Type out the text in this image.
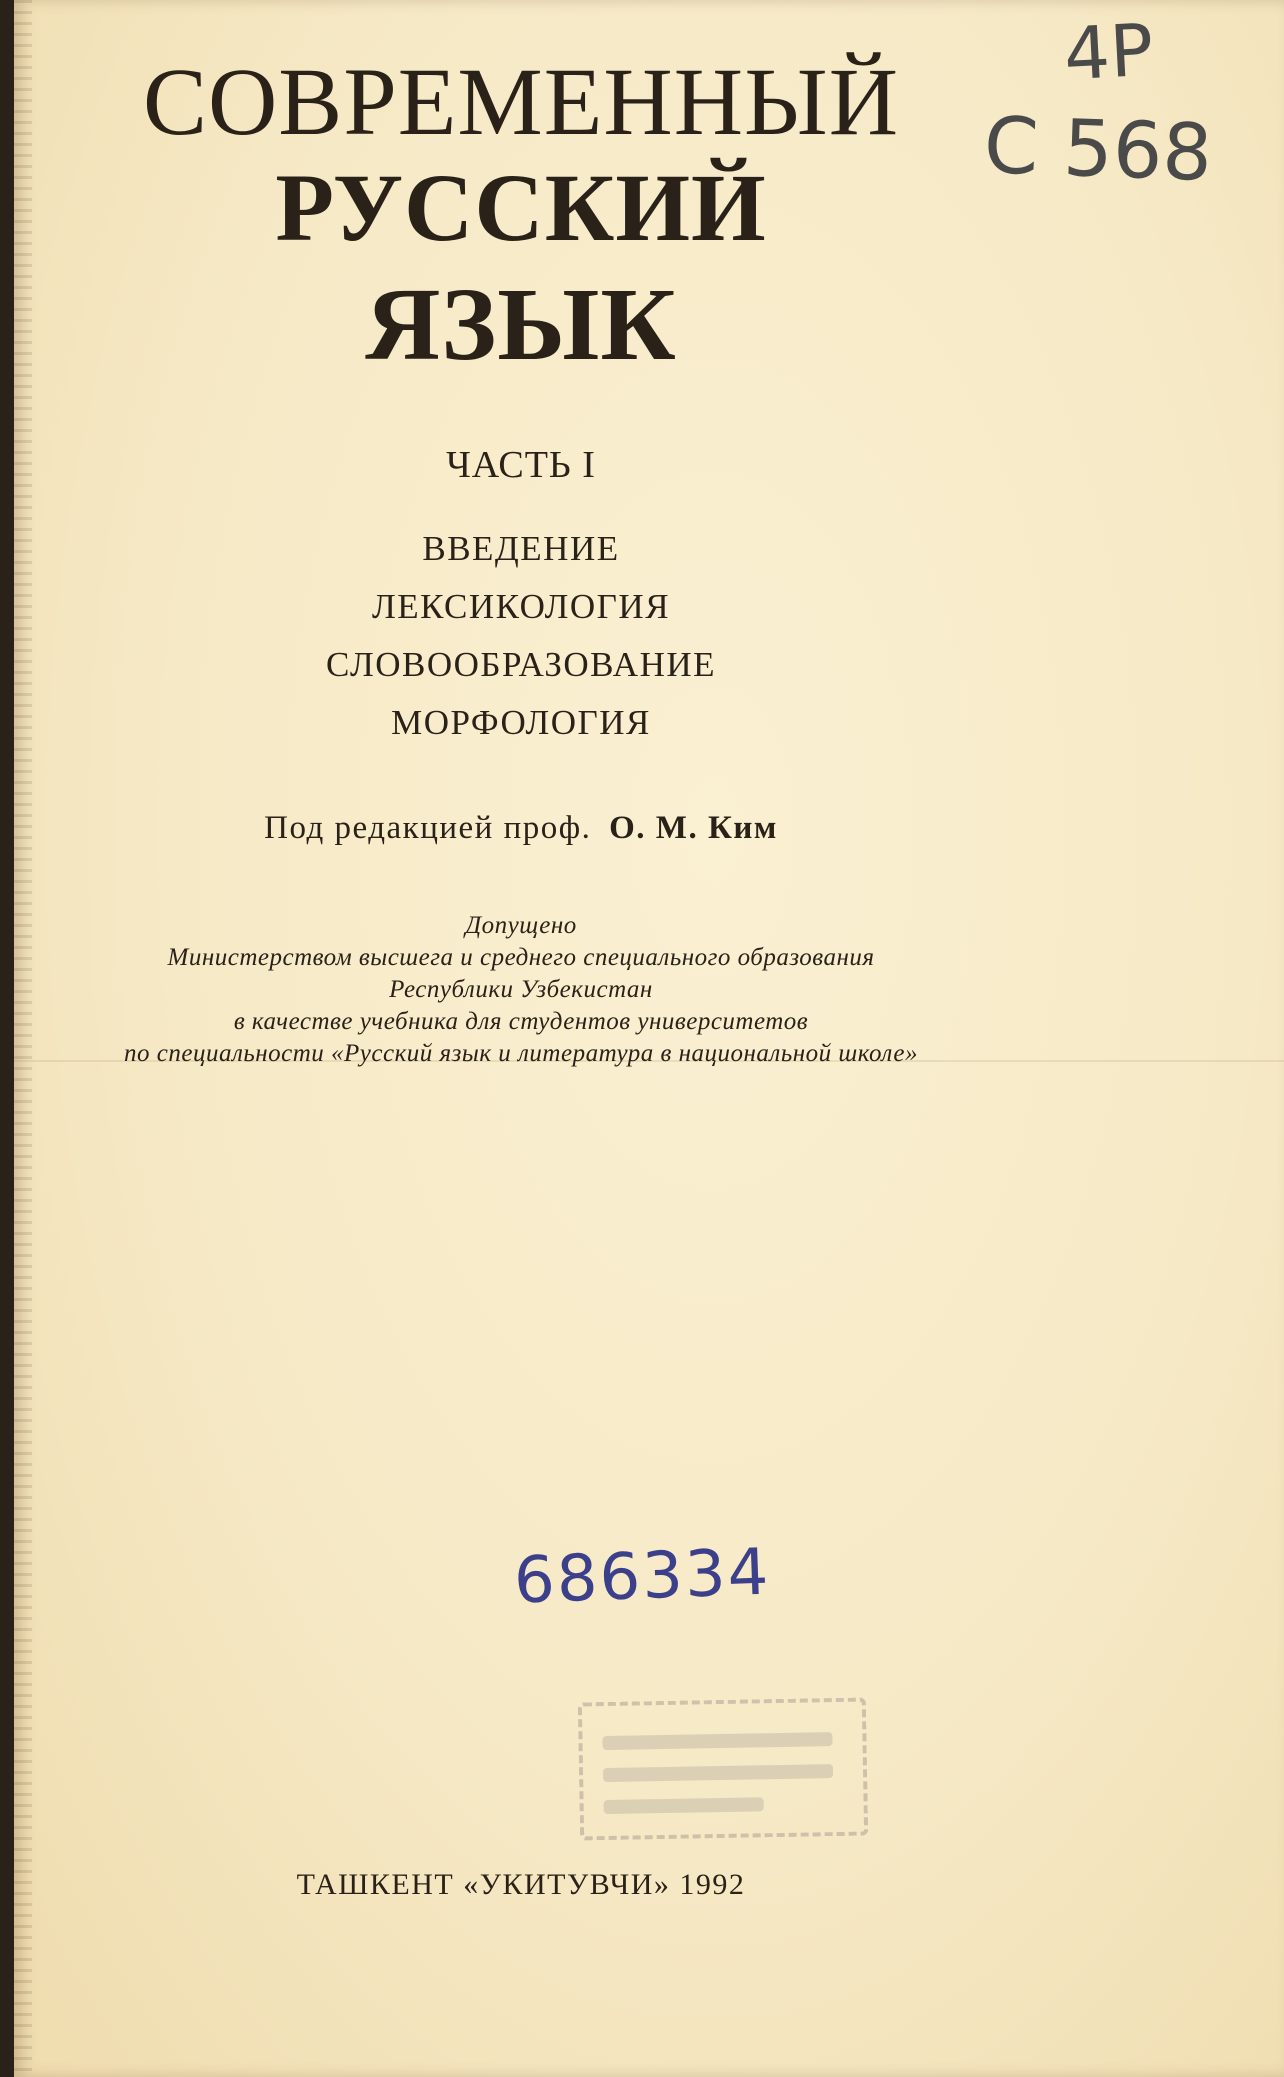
СОВРЕМЕННЫЙ
РУССКИЙ
ЯЗЫК
ЧАСТЬ I
ВВЕДЕНИЕ
ЛЕКСИКОЛОГИЯ
СЛОВООБРАЗОВАНИЕ
МОРФОЛОГИЯ
Под редакцией проф. О. М. Ким
Допущено
Министерством высшега и среднего специального образования
Республики Узбекистан
в качестве учебника для студентов университетов
по специальности «Русский язык и литература в национальной школе»
4Р
С 568
686334
ТАШКЕНТ «УКИТУВЧИ» 1992
